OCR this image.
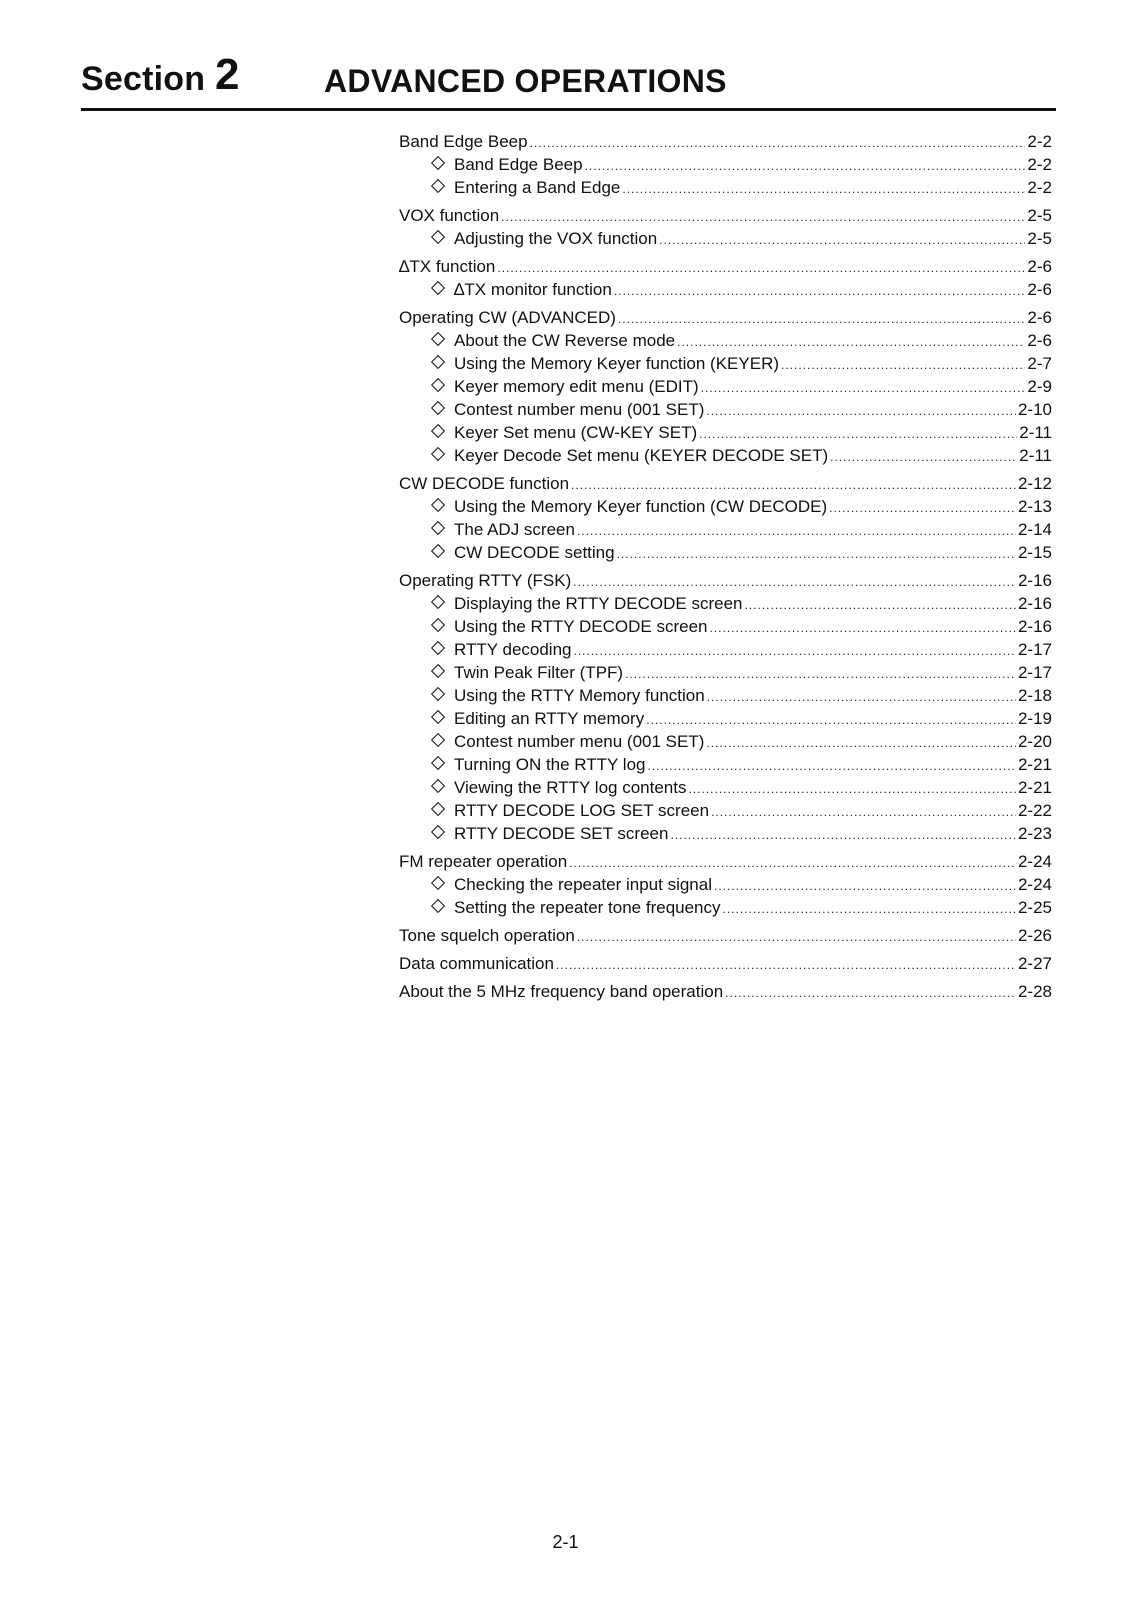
Section 2	ADVANCED OPERATIONS
Band Edge Beep .....	2-2
Band Edge Beep .....	2-2
Entering a Band Edge .....	2-2
VOX function .....	2-5
Adjusting the VOX function .....	2-5
∆TX function .....	2-6
∆TX monitor function .....	2-6
Operating CW (ADVANCED) .....	2-6
About the CW Reverse mode .....	2-6
Using the Memory Keyer function (KEYER) .....	2-7
Keyer memory edit menu (EDIT) .....	2-9
Contest number menu (001 SET) .....	2-10
Keyer Set menu (CW-KEY SET) .....	2-11
Keyer Decode Set menu (KEYER DECODE SET) .....	2-11
CW DECODE function .....	2-12
Using the Memory Keyer function (CW DECODE) .....	2-13
The ADJ screen .....	2-14
CW DECODE setting .....	2-15
Operating RTTY (FSK) .....	2-16
Displaying the RTTY DECODE screen .....	2-16
Using the RTTY DECODE screen .....	2-16
RTTY decoding .....	2-17
Twin Peak Filter (TPF) .....	2-17
Using the RTTY Memory function .....	2-18
Editing an RTTY memory .....	2-19
Contest number menu (001 SET) .....	2-20
Turning ON the RTTY log .....	2-21
Viewing the RTTY log contents .....	2-21
RTTY DECODE LOG SET screen .....	2-22
RTTY DECODE SET screen .....	2-23
FM repeater operation .....	2-24
Checking the repeater input signal .....	2-24
Setting the repeater tone frequency .....	2-25
Tone squelch operation .....	2-26
Data communication .....	2-27
About the 5 MHz frequency band operation .....	2-28
2-1
